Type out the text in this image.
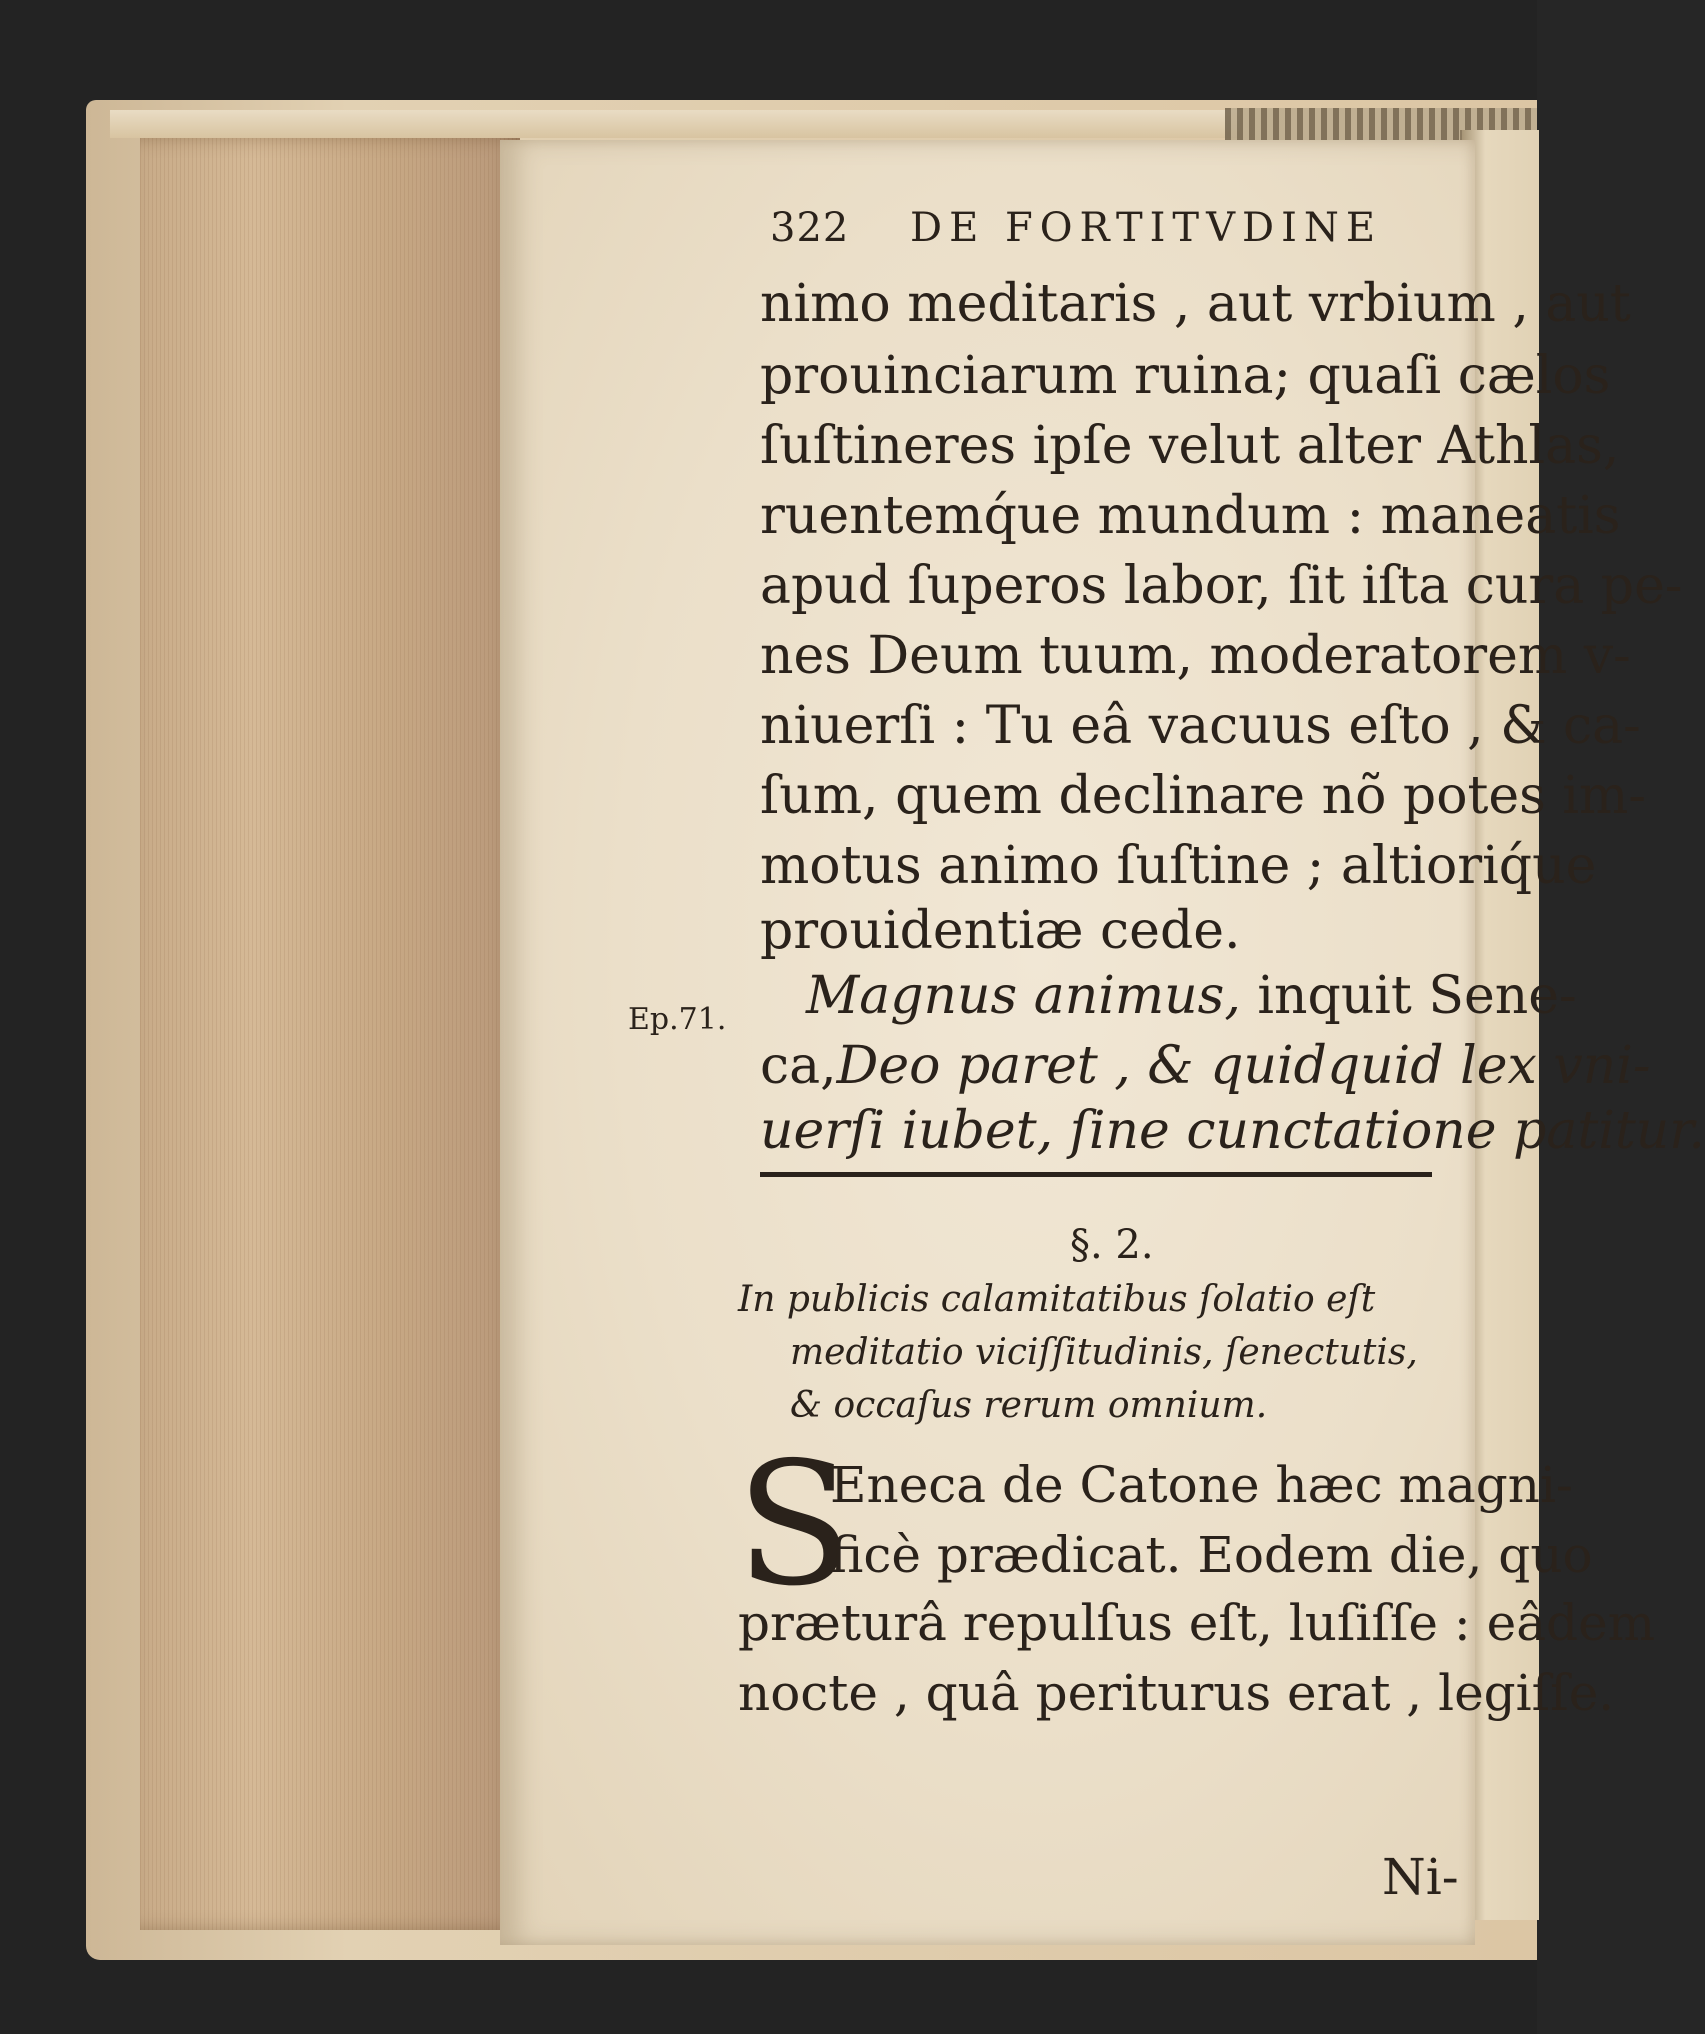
322 DE FORTITVDINE
nimo meditaris , aut vrbium , aut
prouinciarum ruina; quaſi cælos
ſuſtineres ipſe velut alter Athlas,
ruentemq́ue mundum : maneatis
apud ſuperos labor, ſit iſta cura pe-
nes Deum tuum, moderatorem v-
niuerſi : Tu eâ vacuus eſto , & ca-
ſum, quem declinare nõ potes im-
motus animo ſuſtine ; altioriq́ue
prouidentiæ cede.
Ep.71. Magnus animus, inquit Sene-
ca,Deo paret , & quidquid lex vni-
uerſi iubet, ſine cunctatione patitur.
§. 2.
In publicis calamitatibus ſolatio eſt
meditatio viciſſitudinis, ſenectutis,
& occaſus rerum omnium.
S
Eneca de Catone hæc magni-
ficè prædicat. Eodem die, quo
præturâ repulſus eſt, luſiſſe : eâdem
nocte , quâ periturus erat , legiſſe.
Ni-
